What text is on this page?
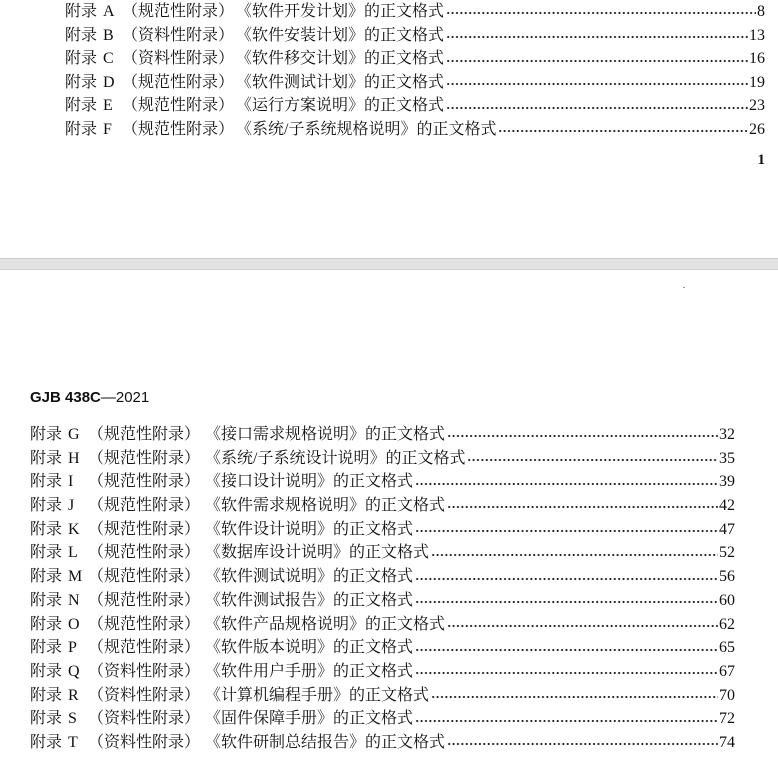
附录 A （规范性附录） 《软件开发计划》的正文格式	8
附录 B （资料性附录） 《软件安装计划》的正文格式	13
附录 C （资料性附录） 《软件移交计划》的正文格式	16
附录 D （规范性附录） 《软件测试计划》的正文格式	19
附录 E （规范性附录） 《运行方案说明》的正文格式	23
附录 F （规范性附录） 《系统/子系统规格说明》的正文格式	26
1
GJB 438C—2021
附录 G （规范性附录） 《接口需求规格说明》的正文格式	32
附录 H （规范性附录） 《系统/子系统设计说明》的正文格式	35
附录 I （规范性附录） 《接口设计说明》的正文格式	39
附录 J （规范性附录） 《软件需求规格说明》的正文格式	42
附录 K （规范性附录） 《软件设计说明》的正文格式	47
附录 L （规范性附录） 《数据库设计说明》的正文格式	52
附录 M （规范性附录） 《软件测试说明》的正文格式	56
附录 N （规范性附录） 《软件测试报告》的正文格式	60
附录 O （规范性附录） 《软件产品规格说明》的正文格式	62
附录 P （规范性附录） 《软件版本说明》的正文格式	65
附录 Q （资料性附录） 《软件用户手册》的正文格式	67
附录 R （资料性附录） 《计算机编程手册》的正文格式	70
附录 S （资料性附录） 《固件保障手册》的正文格式	72
附录 T （资料性附录） 《软件研制总结报告》的正文格式	74
